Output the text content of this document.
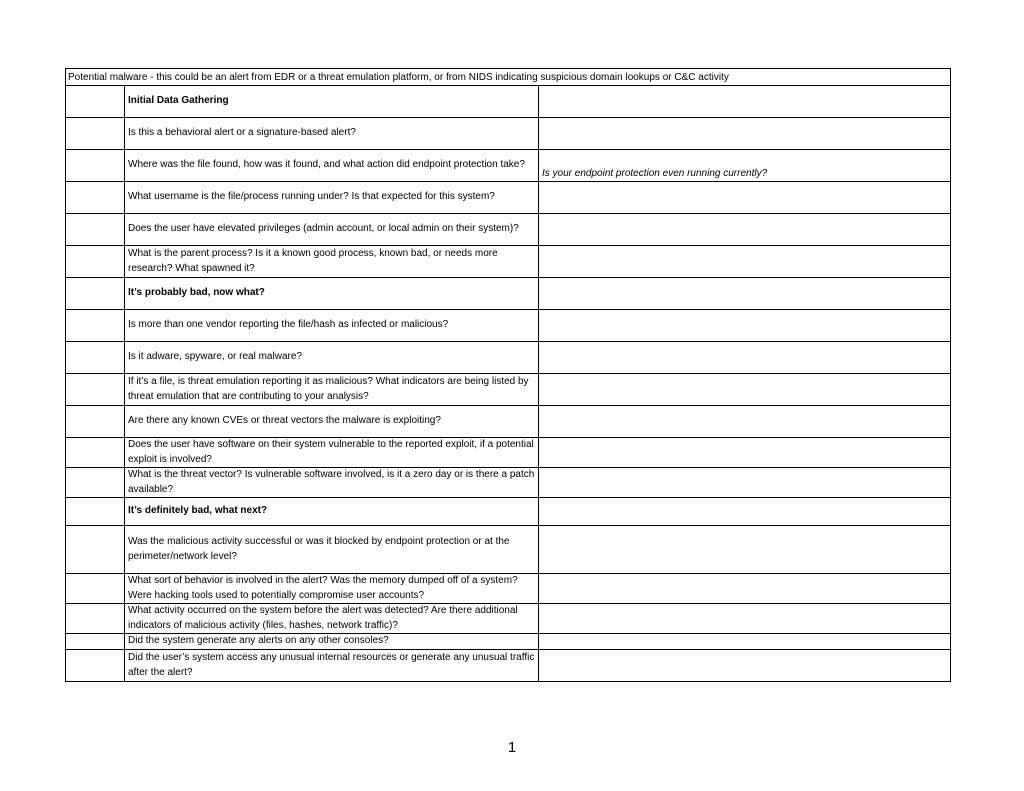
Potential malware - this could be an alert from EDR or a threat emulation platform, or from NIDS indicating suspicious domain lookups or C&C activity		
	Initial Data Gathering	
	Is this a behavioral alert or a signature-based alert?	
	Where was the file found, how was it found, and what action did endpoint protection take?	Is your endpoint protection even running currently?
	What username is the file/process running under? Is that expected for this system?	
	Does the user have elevated privileges (admin account, or local admin on their system)?	
	What is the parent process? Is it a known good process, known bad, or needs more research? What spawned it?	
	It’s probably bad, now what?	
	Is more than one vendor reporting the file/hash as infected or malicious?	
	Is it adware, spyware, or real malware?	
	If it’s a file, is threat emulation reporting it as malicious? What indicators are being listed by threat emulation that are contributing to your analysis?	
	Are there any known CVEs or threat vectors the malware is exploiting?	
	Does the user have software on their system vulnerable to the reported exploit, if a potential exploit is involved?	
	What is the threat vector? Is vulnerable software involved, is it a zero day or is there a patch available?	
	It’s definitely bad, what next?	
	Was the malicious activity successful or was it blocked by endpoint protection or at the perimeter/network level?	
	What sort of behavior is involved in the alert? Was the memory dumped off of a system? Were hacking tools used to potentially compromise user accounts?	
	What activity occurred on the system before the alert was detected? Are there additional indicators of malicious activity (files, hashes, network traffic)?	
	Did the system generate any alerts on any other consoles?	
	Did the user’s system access any unusual internal resources or generate any unusual traffic after the alert?	
1
